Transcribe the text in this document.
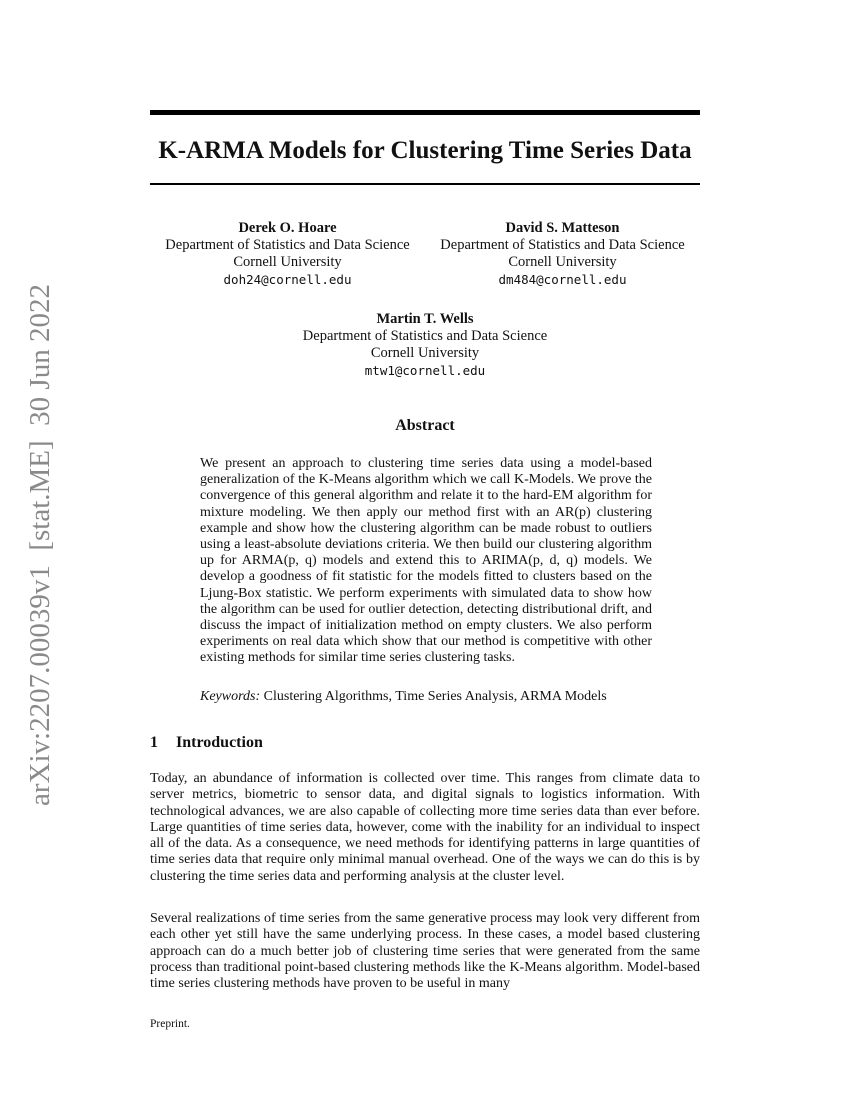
arXiv:2207.00039v1  [stat.ME]  30 Jun 2022
K-ARMA Models for Clustering Time Series Data
Derek O. Hoare
Department of Statistics and Data Science
Cornell University
doh24@cornell.edu
David S. Matteson
Department of Statistics and Data Science
Cornell University
dm484@cornell.edu
Martin T. Wells
Department of Statistics and Data Science
Cornell University
mtw1@cornell.edu
Abstract

We present an approach to clustering time series data using a model-based generalization of the K-Means algorithm which we call K-Models. We prove the convergence of this general algorithm and relate it to the hard-EM algorithm for mixture modeling. We then apply our method first with an AR(p) clustering example and show how the clustering algorithm can be made robust to outliers using a least-absolute deviations criteria. We then build our clustering algorithm up for ARMA(p, q) models and extend this to ARIMA(p, d, q) models. We develop a goodness of fit statistic for the models fitted to clusters based on the Ljung-Box statistic. We perform experiments with simulated data to show how the algorithm can be used for outlier detection, detecting distributional drift, and discuss the impact of initialization method on empty clusters. We also perform experiments on real data which show that our method is competitive with other existing methods for similar time series clustering tasks.

Keywords: Clustering Algorithms, Time Series Analysis, ARMA Models
1 Introduction

Today, an abundance of information is collected over time. This ranges from climate data to server metrics, biometric to sensor data, and digital signals to logistics information. With technological advances, we are also capable of collecting more time series data than ever before. Large quantities of time series data, however, come with the inability for an individual to inspect all of the data. As a consequence, we need methods for identifying patterns in large quantities of time series data that require only minimal manual overhead. One of the ways we can do this is by clustering the time series data and performing analysis at the cluster level.

Several realizations of time series from the same generative process may look very different from each other yet still have the same underlying process. In these cases, a model based clustering approach can do a much better job of clustering time series that were generated from the same process than traditional point-based clustering methods like the K-Means algorithm. Model-based time series clustering methods have proven to be useful in many

Preprint.
